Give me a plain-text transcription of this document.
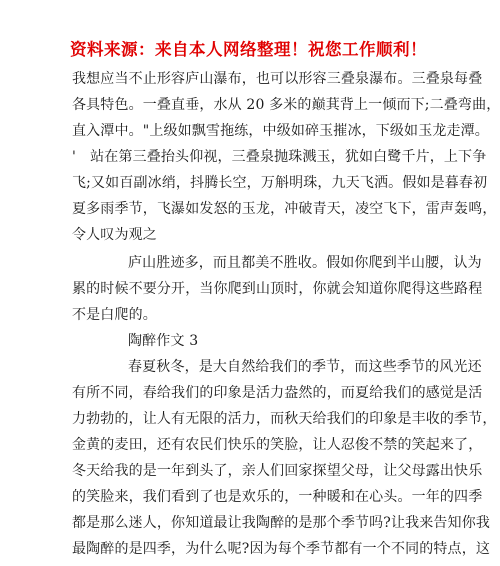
资料来源：来自本人网络整理！祝您工作顺利！
我想应当不止形容庐山瀑布，也可以形容三叠泉瀑布。三叠泉每叠
各具特色。一叠直垂，水从 20 多米的巅萁背上一倾而下;二叠弯曲，
直入潭中。"上级如飘雪拖练，中级如碎玉摧冰，下级如玉龙走潭。
'　站在第三叠抬头仰视，三叠泉抛珠溅玉，犹如白鹭千片，上下争
飞;又如百副冰绡，抖腾长空，万斛明珠，九天飞洒。假如是暮春初
夏多雨季节，飞瀑如发怒的玉龙，冲破青天，凌空飞下，雷声轰鸣，
令人叹为观之
庐山胜迹多，而且都美不胜收。假如你爬到半山腰，认为
累的时候不要分开，当你爬到山顶时，你就会知道你爬得这些路程
不是白爬的。
陶醉作文 3
春夏秋冬，是大自然给我们的季节，而这些季节的风光还
有所不同，春给我们的印象是活力盎然的，而夏给我们的感觉是活
力勃勃的，让人有无限的活力，而秋天给我们的印象是丰收的季节，
金黄的麦田，还有农民们快乐的笑脸，让人忍俊不禁的笑起来了，
冬天给我的是一年到头了，亲人们回家探望父母，让父母露出快乐
的笑脸来，我们看到了也是欢乐的，一种暖和在心头。一年的四季
都是那么迷人，你知道最让我陶醉的是那个季节吗?让我来告知你我
最陶醉的是四季，为什么呢?因为每个季节都有一个不同的特点，这
